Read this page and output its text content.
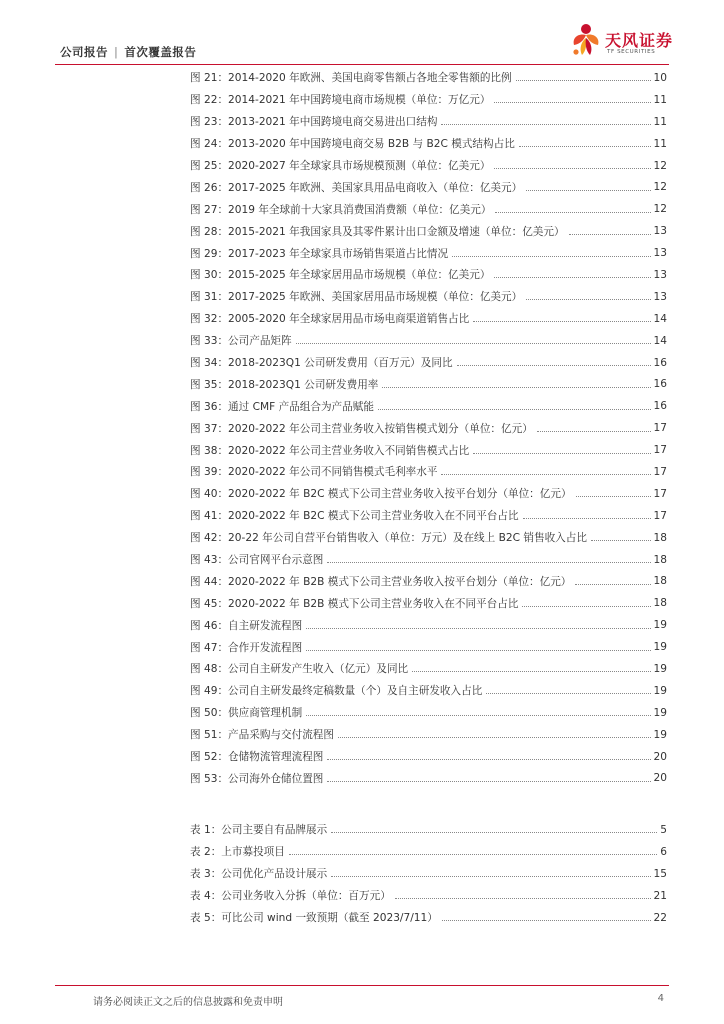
公司报告 | 首次覆盖报告
天风证券
TF SECURITIES
图 21：2014-2020 年欧洲、美国电商零售额占各地全零售额的比例	10
图 22：2014-2021 年中国跨境电商市场规模（单位：万亿元）	11
图 23：2013-2021 年中国跨境电商交易进出口结构	11
图 24：2013-2020 年中国跨境电商交易 B2B 与 B2C 模式结构占比	11
图 25：2020-2027 年全球家具市场规模预测（单位：亿美元）	12
图 26：2017-2025 年欧洲、美国家具用品电商收入（单位：亿美元）	12
图 27：2019 年全球前十大家具消费国消费额（单位：亿美元）	12
图 28：2015-2021 年我国家具及其零件累计出口金额及增速（单位：亿美元）	13
图 29：2017-2023 年全球家具市场销售渠道占比情况	13
图 30：2015-2025 年全球家居用品市场规模（单位：亿美元）	13
图 31：2017-2025 年欧洲、美国家居用品市场规模（单位：亿美元）	13
图 32：2005-2020 年全球家居用品市场电商渠道销售占比	14
图 33：公司产品矩阵	14
图 34：2018-2023Q1 公司研发费用（百万元）及同比	16
图 35：2018-2023Q1 公司研发费用率	16
图 36：通过 CMF 产品组合为产品赋能	16
图 37：2020-2022 年公司主营业务收入按销售模式划分（单位：亿元）	17
图 38：2020-2022 年公司主营业务收入不同销售模式占比	17
图 39：2020-2022 年公司不同销售模式毛利率水平	17
图 40：2020-2022 年 B2C 模式下公司主营业务收入按平台划分（单位：亿元）	17
图 41：2020-2022 年 B2C 模式下公司主营业务收入在不同平台占比	17
图 42：20-22 年公司自营平台销售收入（单位：万元）及在线上 B2C 销售收入占比	18
图 43：公司官网平台示意图	18
图 44：2020-2022 年 B2B 模式下公司主营业务收入按平台划分（单位：亿元）	18
图 45：2020-2022 年 B2B 模式下公司主营业务收入在不同平台占比	18
图 46：自主研发流程图	19
图 47：合作开发流程图	19
图 48：公司自主研发产生收入（亿元）及同比	19
图 49：公司自主研发最终定稿数量（个）及自主研发收入占比	19
图 50：供应商管理机制	19
图 51：产品采购与交付流程图	19
图 52：仓储物流管理流程图	20
图 53：公司海外仓储位置图	20
表 1：公司主要自有品牌展示	5
表 2：上市募投项目	6
表 3：公司优化产品设计展示	15
表 4：公司业务收入分拆（单位：百万元）	21
表 5：可比公司 wind 一致预期（截至 2023/7/11）	22
请务必阅读正文之后的信息披露和免责申明	4
